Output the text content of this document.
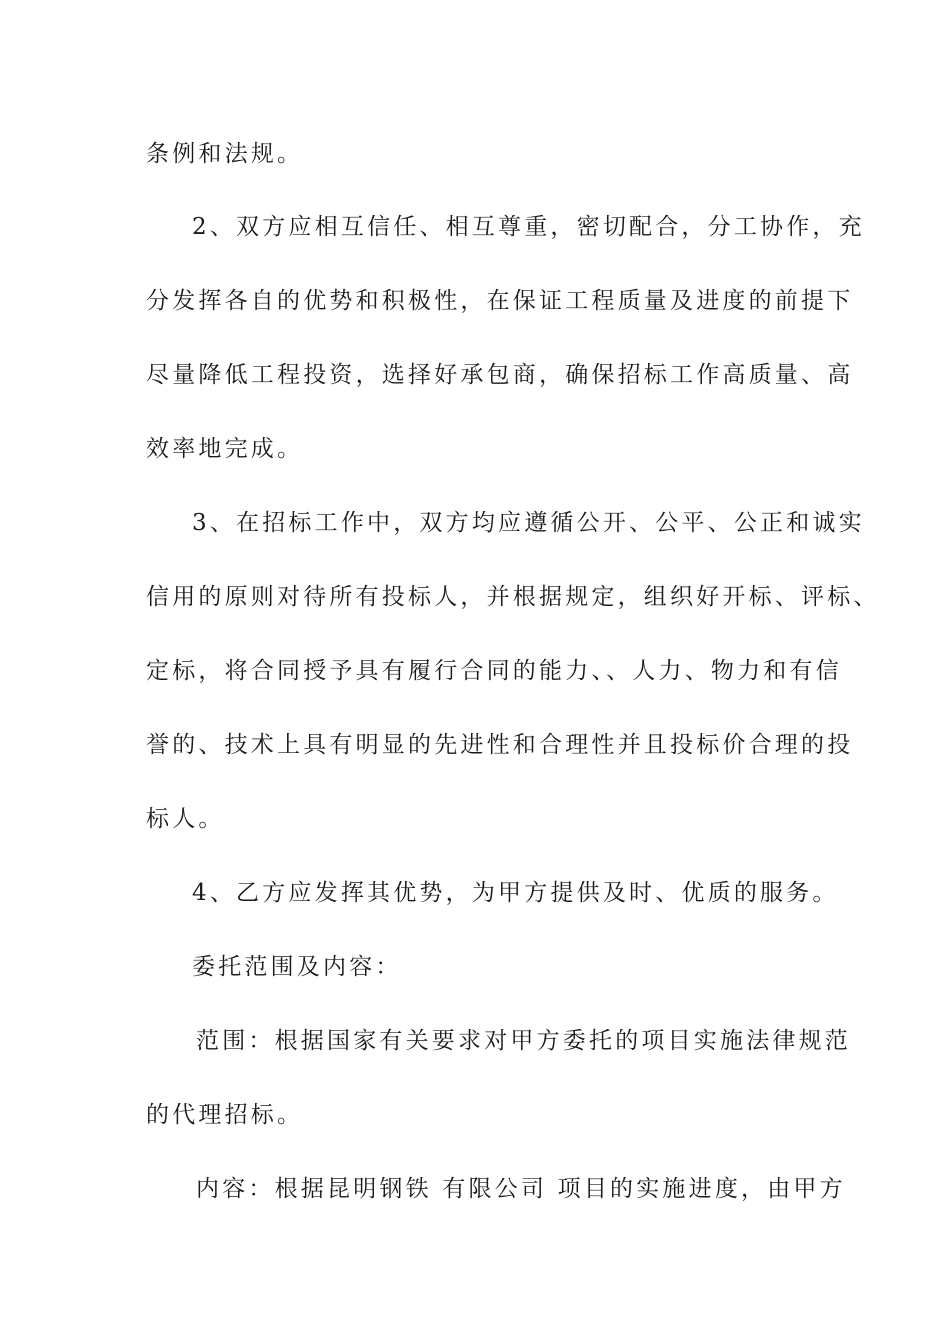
条例和法规。

2、双方应相互信任、相互尊重，密切配合，分工协作，充

分发挥各自的优势和积极性，在保证工程质量及进度的前提下

尽量降低工程投资，选择好承包商，确保招标工作高质量、高

效率地完成。

3、在招标工作中，双方均应遵循公开、公平、公正和诚实

信用的原则对待所有投标人，并根据规定，组织好开标、评标、

定标，将合同授予具有履行合同的能力、、人力、物力和有信

誉的、技术上具有明显的先进性和合理性并且投标价合理的投

标人。

4、乙方应发挥其优势，为甲方提供及时、优质的服务。

委托范围及内容：

范围：根据国家有关要求对甲方委托的项目实施法律规范

的代理招标。

内容：根据昆明钢铁 有限公司 项目的实施进度，由甲方
